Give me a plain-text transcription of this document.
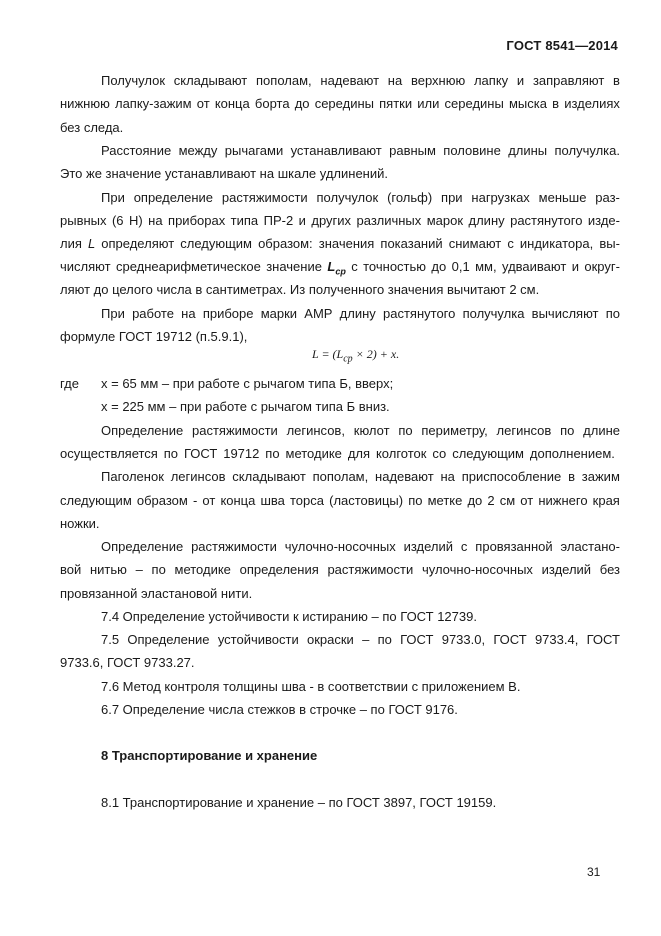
ГОСТ 8541—2014
Получулок складывают пополам, надевают на верхнюю лапку и заправляют в
нижнюю лапку-зажим от конца борта до середины пятки или середины мыска в изделиях
без следа.
Расстояние между рычагами устанавливают равным половине длины получулка.
Это же значение устанавливают на шкале удлинений.
При определение растяжимости получулок (гольф) при нагрузках меньше раз-
рывных (6 Н) на приборах типа ПР-2 и других различных марок длину растянутого изде-
лия L определяют следующим образом: значения показаний снимают с индикатора, вы-
числяют среднеарифметическое значение $L_{cp}$ с точностью до 0,1 мм, удваивают и округ-
ляют до целого числа в сантиметрах. Из полученного значения вычитают 2 см.
При работе на приборе марки АМР длину растянутого получулка вычисляют по
формуле ГОСТ 19712 (п.5.9.1),
$L = (L_{cp} \times 2) + x$.
где	x = 65 мм – при работе с рычагом типа Б, вверх;
x = 225 мм – при работе с рычагом типа Б вниз.
Определение растяжимости легинсов, кюлот по периметру, легинсов по длине
осуществляется по ГОСТ 19712 по методике для колготок со следующим дополнением.
Паголенок легинсов складывают пополам, надевают на приспособление в зажим
следующим образом - от конца шва торса (ластовицы) по метке до 2 см от нижнего края
ножки.
Определение растяжимости чулочно-носочных изделий с провязанной эластано-
вой нитью – по методике определения растяжимости чулочно-носочных изделий без
провязанной эластановой нити.
7.4 Определение устойчивости к истиранию – по ГОСТ 12739.
7.5 Определение устойчивости окраски – по ГОСТ 9733.0, ГОСТ 9733.4, ГОСТ
9733.6, ГОСТ 9733.27.
7.6 Метод контроля толщины шва - в соответствии с приложением В.
6.7 Определение числа стежков в строчке – по ГОСТ 9176.
8 Транспортирование и хранение
8.1 Транспортирование и хранение – по ГОСТ 3897, ГОСТ 19159.
31
